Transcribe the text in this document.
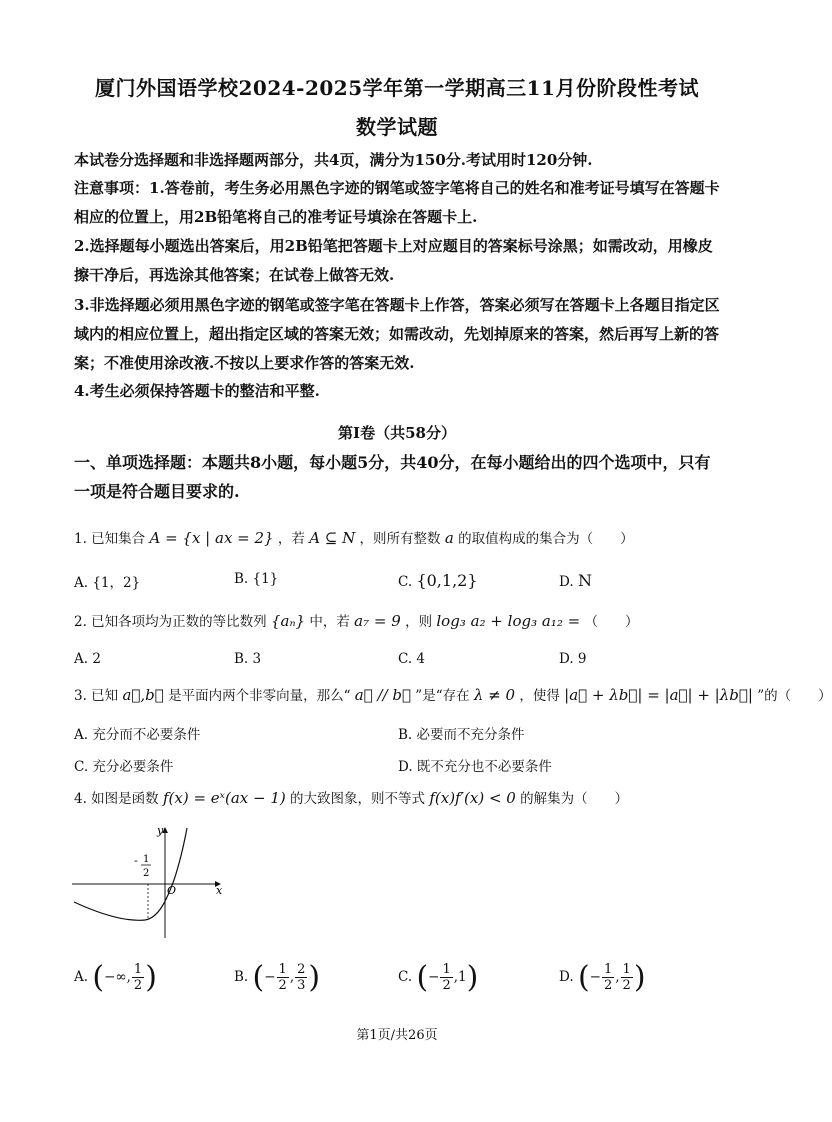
厦门外国语学校2024-2025学年第一学期高三11月份阶段性考试
数学试题
本试卷分选择题和非选择题两部分，共4页，满分为150分.考试用时120分钟.
注意事项：1.答卷前，考生务必用黑色字迹的钢笔或签字笔将自己的姓名和准考证号填写在答题卡相应的位置上，用2B铅笔将自己的准考证号填涂在答题卡上.
2.选择题每小题选出答案后，用2B铅笔把答题卡上对应题目的答案标号涂黑；如需改动，用橡皮擦干净后，再选涂其他答案；在试卷上做答无效.
3.非选择题必须用黑色字迹的钢笔或签字笔在答题卡上作答，答案必须写在答题卡上各题目指定区域内的相应位置上，超出指定区域的答案无效；如需改动，先划掉原来的答案，然后再写上新的答案；不准使用涂改液.不按以上要求作答的答案无效.
4.考生必须保持答题卡的整洁和平整.
第Ⅰ卷（共58分）
一、单项选择题：本题共8小题，每小题5分，共40分，在每小题给出的四个选项中，只有一项是符合题目要求的.
1. 已知集合 A = {x | ax = 2} ，若 A ⊆ N ，则所有整数 a 的取值构成的集合为（　　）
A. {1，2}	B. {1}	C. {0,1,2}	D. N
2. 已知各项均为正数的等比数列 {aₙ} 中，若 a₇ = 9 ，则 log₃ a₂ + log₃ a₁₂ = （　　）
A. 2	B. 3	C. 4	D. 9
3. 已知 a⃗,b⃗ 是平面内两个非零向量，那么“ a⃗ // b⃗ ”是“存在 λ ≠ 0 ，使得 |a⃗ + λb⃗| = |a⃗| + |λb⃗| ”的（　　）
A. 充分而不必要条件	B. 必要而不充分条件
C. 充分必要条件	D. 既不充分也不必要条件
4. 如图是函数 f(x) = eˣ(ax − 1) 的大致图象，则不等式 f(x)f′(x) < 0 的解集为（　　）
y
x
O
- 1
2
A. (−∞, $\frac{1}{2}$ )	B. (− $\frac{1}{2}$ , $\frac{2}{3}$ )	C. (− $\frac{1}{2} ,1$)	D. (− $\frac{1}{2}$ , $\frac{1}{2}$ )
第1页/共26页
